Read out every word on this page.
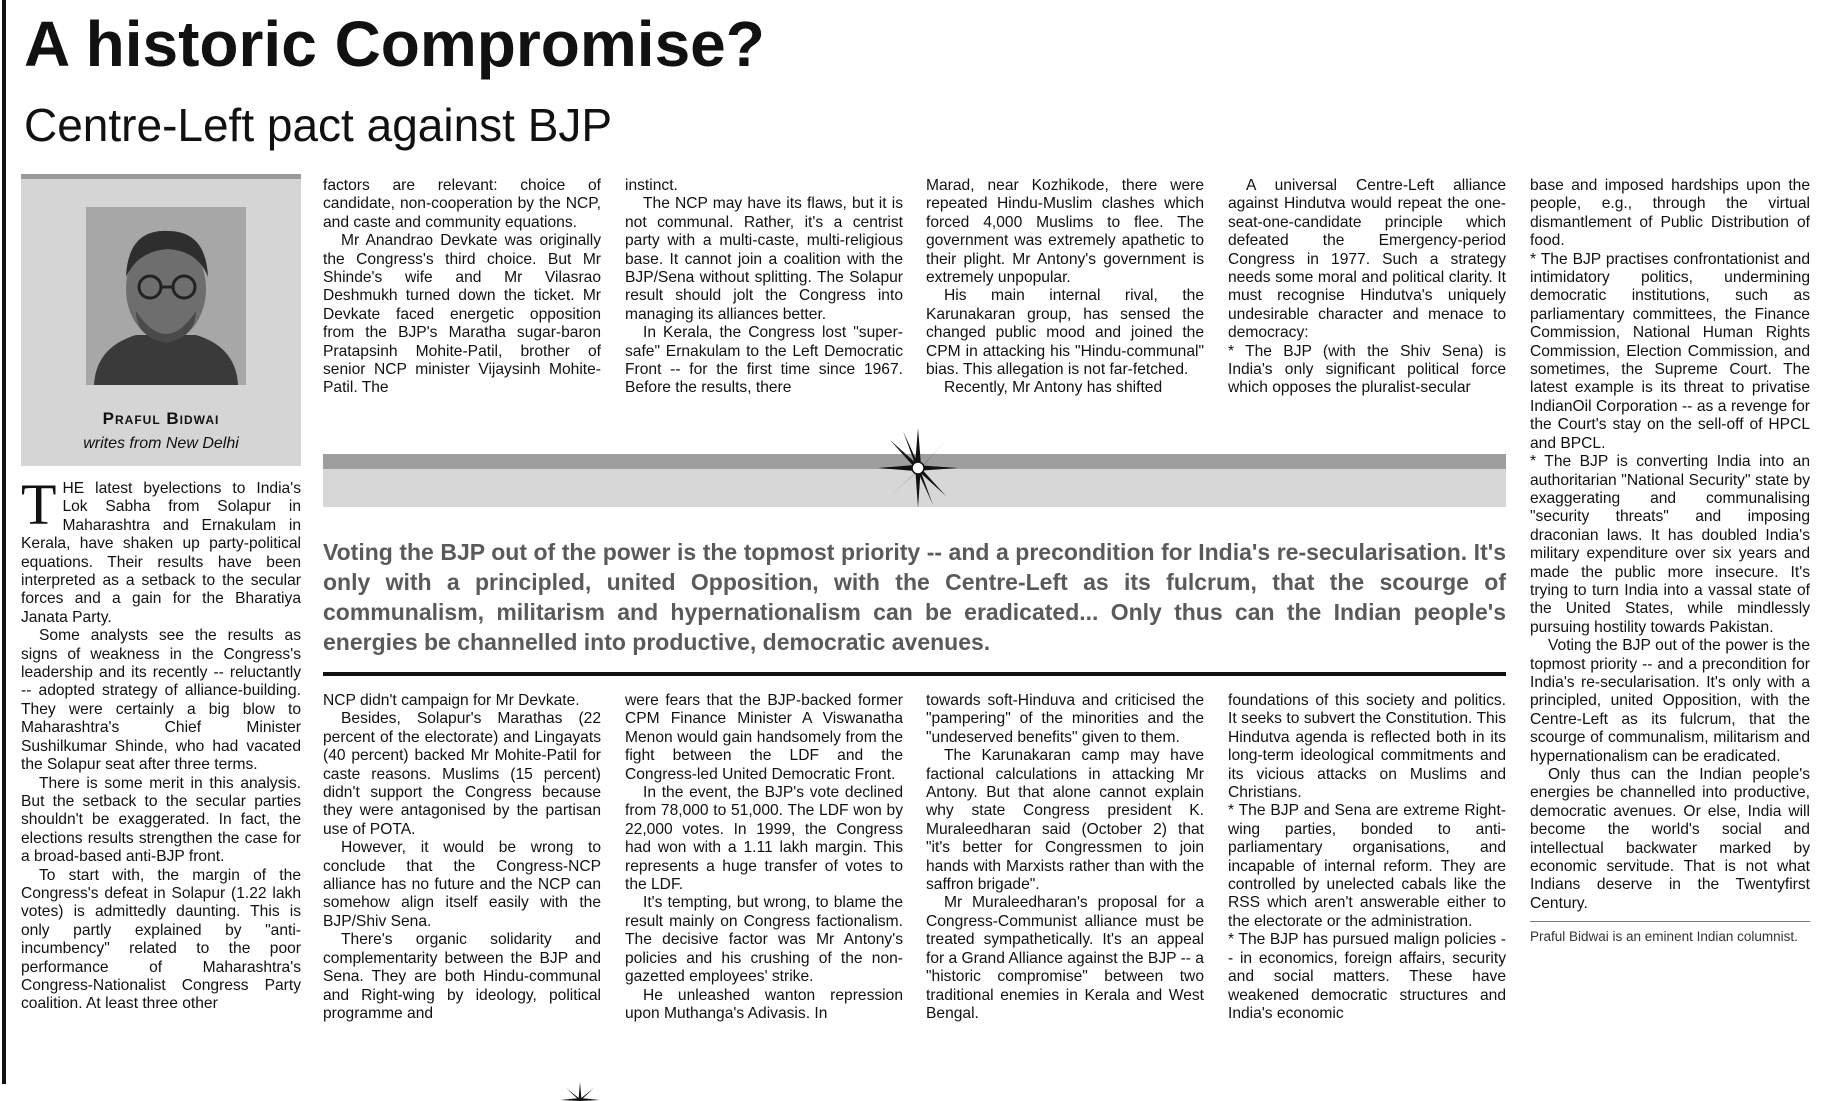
A historic Compromise?
Centre-Left pact against BJP
Praful Bidwai
writes from New Delhi

THE latest byelections to India's Lok Sabha from Solapur in Maharashtra and Ernakulam in Kerala, have shaken up party-political equations. Their results have been interpreted as a setback to the secular forces and a gain for the Bharatiya Janata Party.

Some analysts see the results as signs of weakness in the Congress's leadership and its recently -- reluctantly -- adopted strategy of alliance-building. They were certainly a big blow to Maharashtra's Chief Minister Sushilkumar Shinde, who had vacated the Solapur seat after three terms.

There is some merit in this analysis. But the setback to the secular parties shouldn't be exaggerated. In fact, the elections results strengthen the case for a broad-based anti-BJP front.

To start with, the margin of the Congress's defeat in Solapur (1.22 lakh votes) is admittedly daunting. This is only partly explained by "anti-incumbency" related to the poor performance of Maharashtra's Congress-Nationalist Congress Party coalition. At least three other

factors are relevant: choice of candidate, non-cooperation by the NCP, and caste and community equations.

Mr Anandrao Devkate was originally the Congress's third choice. But Mr Shinde's wife and Mr Vilasrao Deshmukh turned down the ticket. Mr Devkate faced energetic opposition from the BJP's Maratha sugar-baron Pratapsinh Mohite-Patil, brother of senior NCP minister Vijaysinh Mohite-Patil. The

instinct.

The NCP may have its flaws, but it is not communal. Rather, it's a centrist party with a multi-caste, multi-religious base. It cannot join a coalition with the BJP/Sena without splitting. The Solapur result should jolt the Congress into managing its alliances better.

In Kerala, the Congress lost "super-safe" Ernakulam to the Left Democratic Front -- for the first time since 1967. Before the results, there

Marad, near Kozhikode, there were repeated Hindu-Muslim clashes which forced 4,000 Muslims to flee. The government was extremely apathetic to their plight. Mr Antony's government is extremely unpopular.

His main internal rival, the Karunakaran group, has sensed the changed public mood and joined the CPM in attacking his "Hindu-communal" bias. This allegation is not far-fetched.

Recently, Mr Antony has shifted

A universal Centre-Left alliance against Hindutva would repeat the one-seat-one-candidate principle which defeated the Emergency-period Congress in 1977. Such a strategy needs some moral and political clarity. It must recognise Hindutva's uniquely undesirable character and menace to democracy:

* The BJP (with the Shiv Sena) is India's only significant political force which opposes the pluralist-secular

Voting the BJP out of the power is the topmost priority -- and a precondition for India's re-secularisation. It's only with a principled, united Opposition, with the Centre-Left as its fulcrum, that the scourge of communalism, militarism and hypernationalism can be eradicated... Only thus can the Indian people's energies be channelled into productive, democratic avenues.

NCP didn't campaign for Mr Devkate.

Besides, Solapur's Marathas (22 percent of the electorate) and Lingayats (40 percent) backed Mr Mohite-Patil for caste reasons. Muslims (15 percent) didn't support the Congress because they were antagonised by the partisan use of POTA.

However, it would be wrong to conclude that the Congress-NCP alliance has no future and the NCP can somehow align itself easily with the BJP/Shiv Sena.

There's organic solidarity and complementarity between the BJP and Sena. They are both Hindu-communal and Right-wing by ideology, political programme and

were fears that the BJP-backed former CPM Finance Minister A Viswanatha Menon would gain handsomely from the fight between the LDF and the Congress-led United Democratic Front.

In the event, the BJP's vote declined from 78,000 to 51,000. The LDF won by 22,000 votes. In 1999, the Congress had won with a 1.11 lakh margin. This represents a huge transfer of votes to the LDF.

It's tempting, but wrong, to blame the result mainly on Congress factionalism. The decisive factor was Mr Antony's policies and his crushing of the non-gazetted employees' strike.

He unleashed wanton repression upon Muthanga's Adivasis. In

towards soft-Hinduva and criticised the "pampering" of the minorities and the "undeserved benefits" given to them.

The Karunakaran camp may have factional calculations in attacking Mr Antony. But that alone cannot explain why state Congress president K. Muraleedharan said (October 2) that "it's better for Congressmen to join hands with Marxists rather than with the saffron brigade".

Mr Muraleedharan's proposal for a Congress-Communist alliance must be treated sympathetically. It's an appeal for a Grand Alliance against the BJP -- a "historic compromise" between two traditional enemies in Kerala and West Bengal.

foundations of this society and politics. It seeks to subvert the Constitution. This Hindutva agenda is reflected both in its long-term ideological commitments and its vicious attacks on Muslims and Christians.

* The BJP and Sena are extreme Right-wing parties, bonded to anti-parliamentary organisations, and incapable of internal reform. They are controlled by unelected cabals like the RSS which aren't answerable either to the electorate or the administration.

* The BJP has pursued malign policies -- in economics, foreign affairs, security and social matters. These have weakened democratic structures and India's economic

base and imposed hardships upon the people, e.g., through the virtual dismantlement of Public Distribution of food.

* The BJP practises confrontationist and intimidatory politics, undermining democratic institutions, such as parliamentary committees, the Finance Commission, National Human Rights Commission, Election Commission, and sometimes, the Supreme Court. The latest example is its threat to privatise IndianOil Corporation -- as a revenge for the Court's stay on the sell-off of HPCL and BPCL.

* The BJP is converting India into an authoritarian "National Security" state by exaggerating and communalising "security threats" and imposing draconian laws. It has doubled India's military expenditure over six years and made the public more insecure. It's trying to turn India into a vassal state of the United States, while mindlessly pursuing hostility towards Pakistan.

Voting the BJP out of the power is the topmost priority -- and a precondition for India's re-secularisation. It's only with a principled, united Opposition, with the Centre-Left as its fulcrum, that the scourge of communalism, militarism and hypernationalism can be eradicated.

Only thus can the Indian people's energies be channelled into productive, democratic avenues. Or else, India will become the world's social and intellectual backwater marked by economic servitude. That is not what Indians deserve in the Twentyfirst Century.

Praful Bidwai is an eminent Indian columnist.
